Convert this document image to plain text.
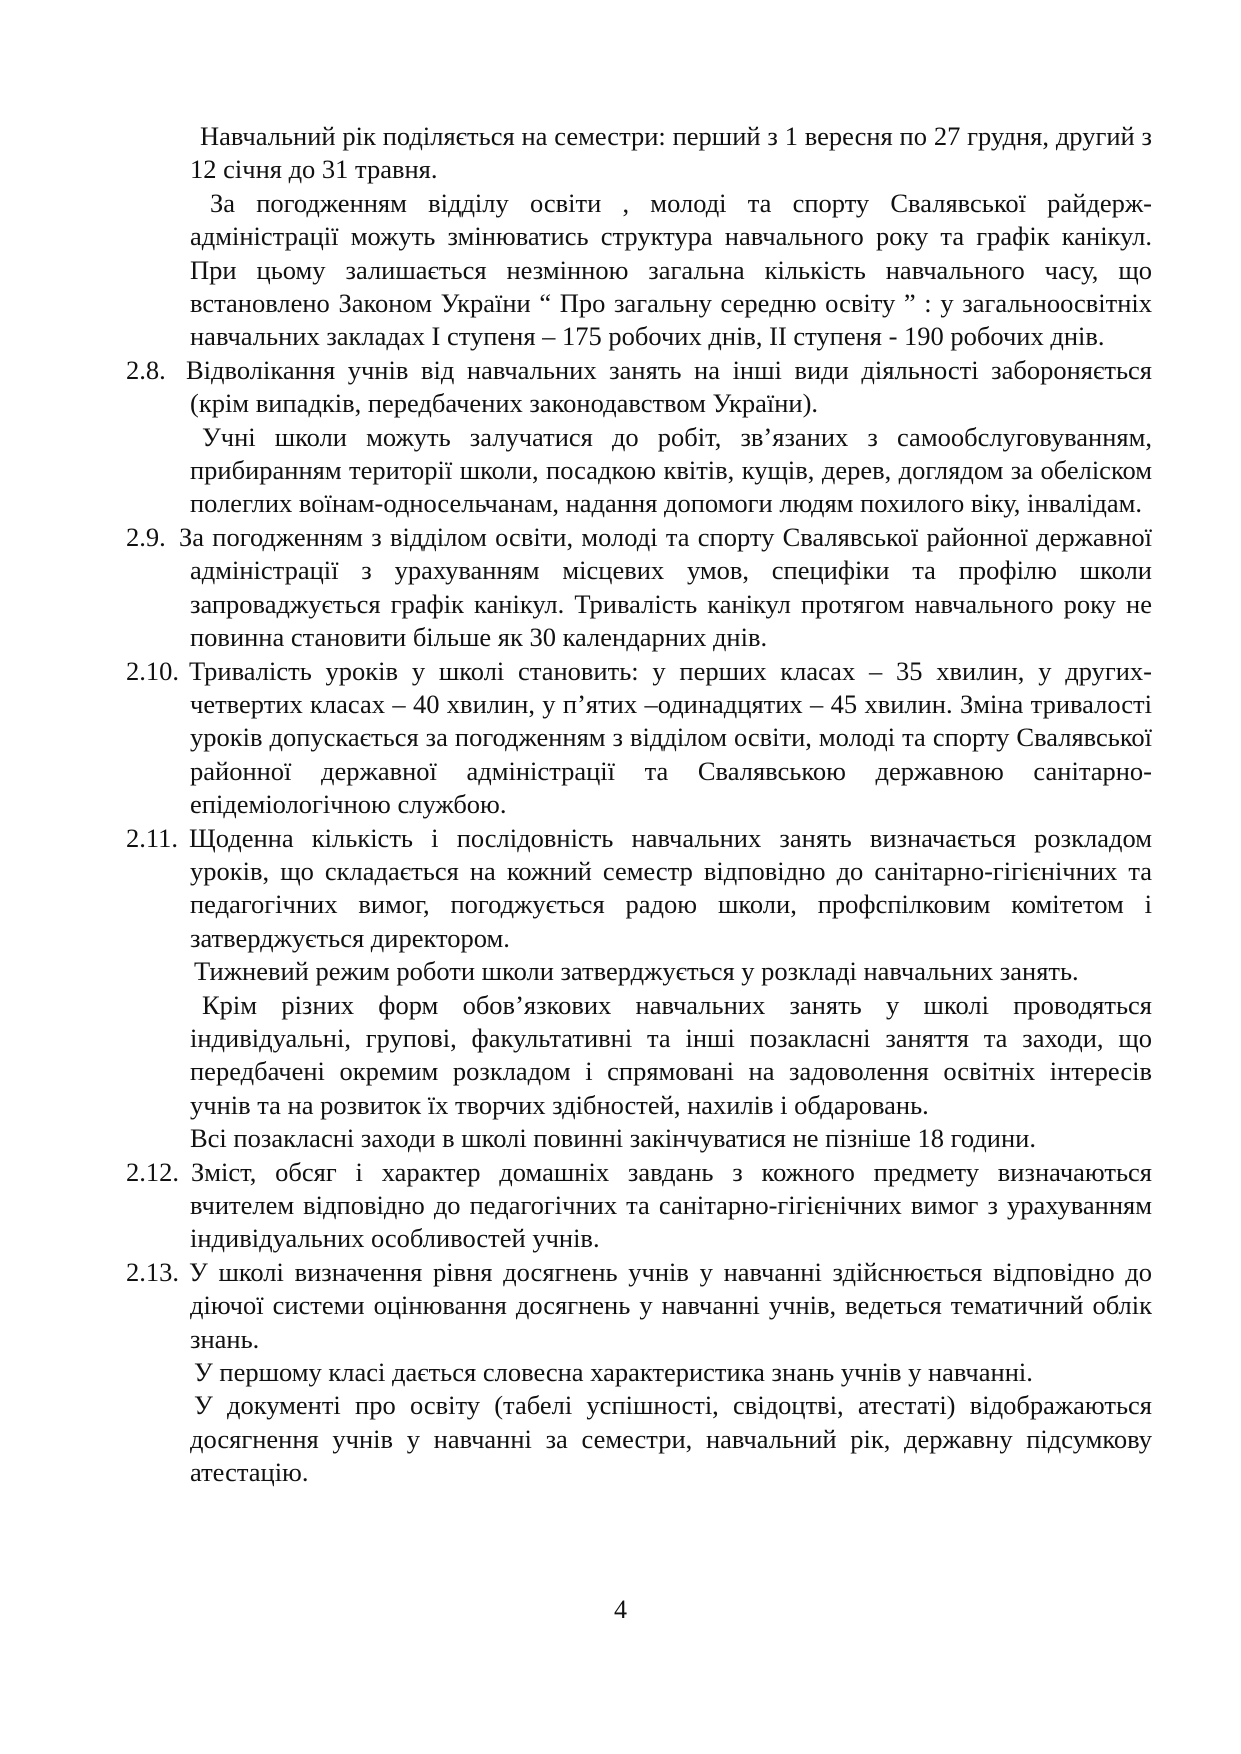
Навчальний рік поділяється на семестри: перший з 1 вересня по 27 грудня, другий з 12 січня до 31 травня.

За погодженням відділу освіти , молоді та спорту Свалявської райдерж-адміністрації можуть змінюватись структура навчального року та графік канікул. При цьому залишається незмінною загальна кількість навчального часу, що встановлено Законом України “ Про загальну середню освіту ” : у загальноосвітніх навчальних закладах І ступеня – 175 робочих днів, ІІ ступеня - 190 робочих днів.

2.8. Відволікання учнів від навчальних занять на інші види діяльності забороняється (крім випадків, передбачених законодавством України).

Учні школи можуть залучатися до робіт, зв’язаних з самообслуговуванням, прибиранням території школи, посадкою квітів, кущів, дерев, доглядом за обеліском полеглих воїнам-односельчанам, надання допомоги людям похилого віку, інвалідам.

2.9. За погодженням з відділом освіти, молоді та спорту Свалявської районної державної адміністрації з урахуванням місцевих умов, специфіки та профілю школи запроваджується графік канікул. Тривалість канікул протягом навчального року не повинна становити більше як 30 календарних днів.

2.10. Тривалість уроків у школі становить: у перших класах – 35 хвилин, у других-четвертих класах – 40 хвилин, у п’ятих –одинадцятих – 45 хвилин. Зміна тривалості уроків допускається за погодженням з відділом освіти, молоді та спорту Свалявської районної державної адміністрації та Свалявською державною санітарно-епідеміологічною службою.

2.11. Щоденна кількість і послідовність навчальних занять визначається розкладом уроків, що складається на кожний семестр відповідно до санітарно-гігієнічних та педагогічних вимог, погоджується радою школи, профспілковим комітетом і затверджується директором.

Тижневий режим роботи школи затверджується у розкладі навчальних занять.

Крім різних форм обов’язкових навчальних занять у школі проводяться індивідуальні, групові, факультативні та інші позакласні заняття та заходи, що передбачені окремим розкладом і спрямовані на задоволення освітніх інтересів учнів та на розвиток їх творчих здібностей, нахилів і обдаровань.

Всі позакласні заходи в школі повинні закінчуватися не пізніше 18 години.

2.12. Зміст, обсяг і характер домашніх завдань з кожного предмету визначаються вчителем відповідно до педагогічних та санітарно-гігієнічних вимог з урахуванням індивідуальних особливостей учнів.

2.13. У школі визначення рівня досягнень учнів у навчанні здійснюється відповідно до діючої системи оцінювання досягнень у навчанні учнів, ведеться тематичний облік знань.

У першому класі дається словесна характеристика знань учнів у навчанні.

У документі про освіту (табелі успішності, свідоцтві, атестаті) відображаються досягнення учнів у навчанні за семестри, навчальний рік, державну підсумкову атестацію.

4
